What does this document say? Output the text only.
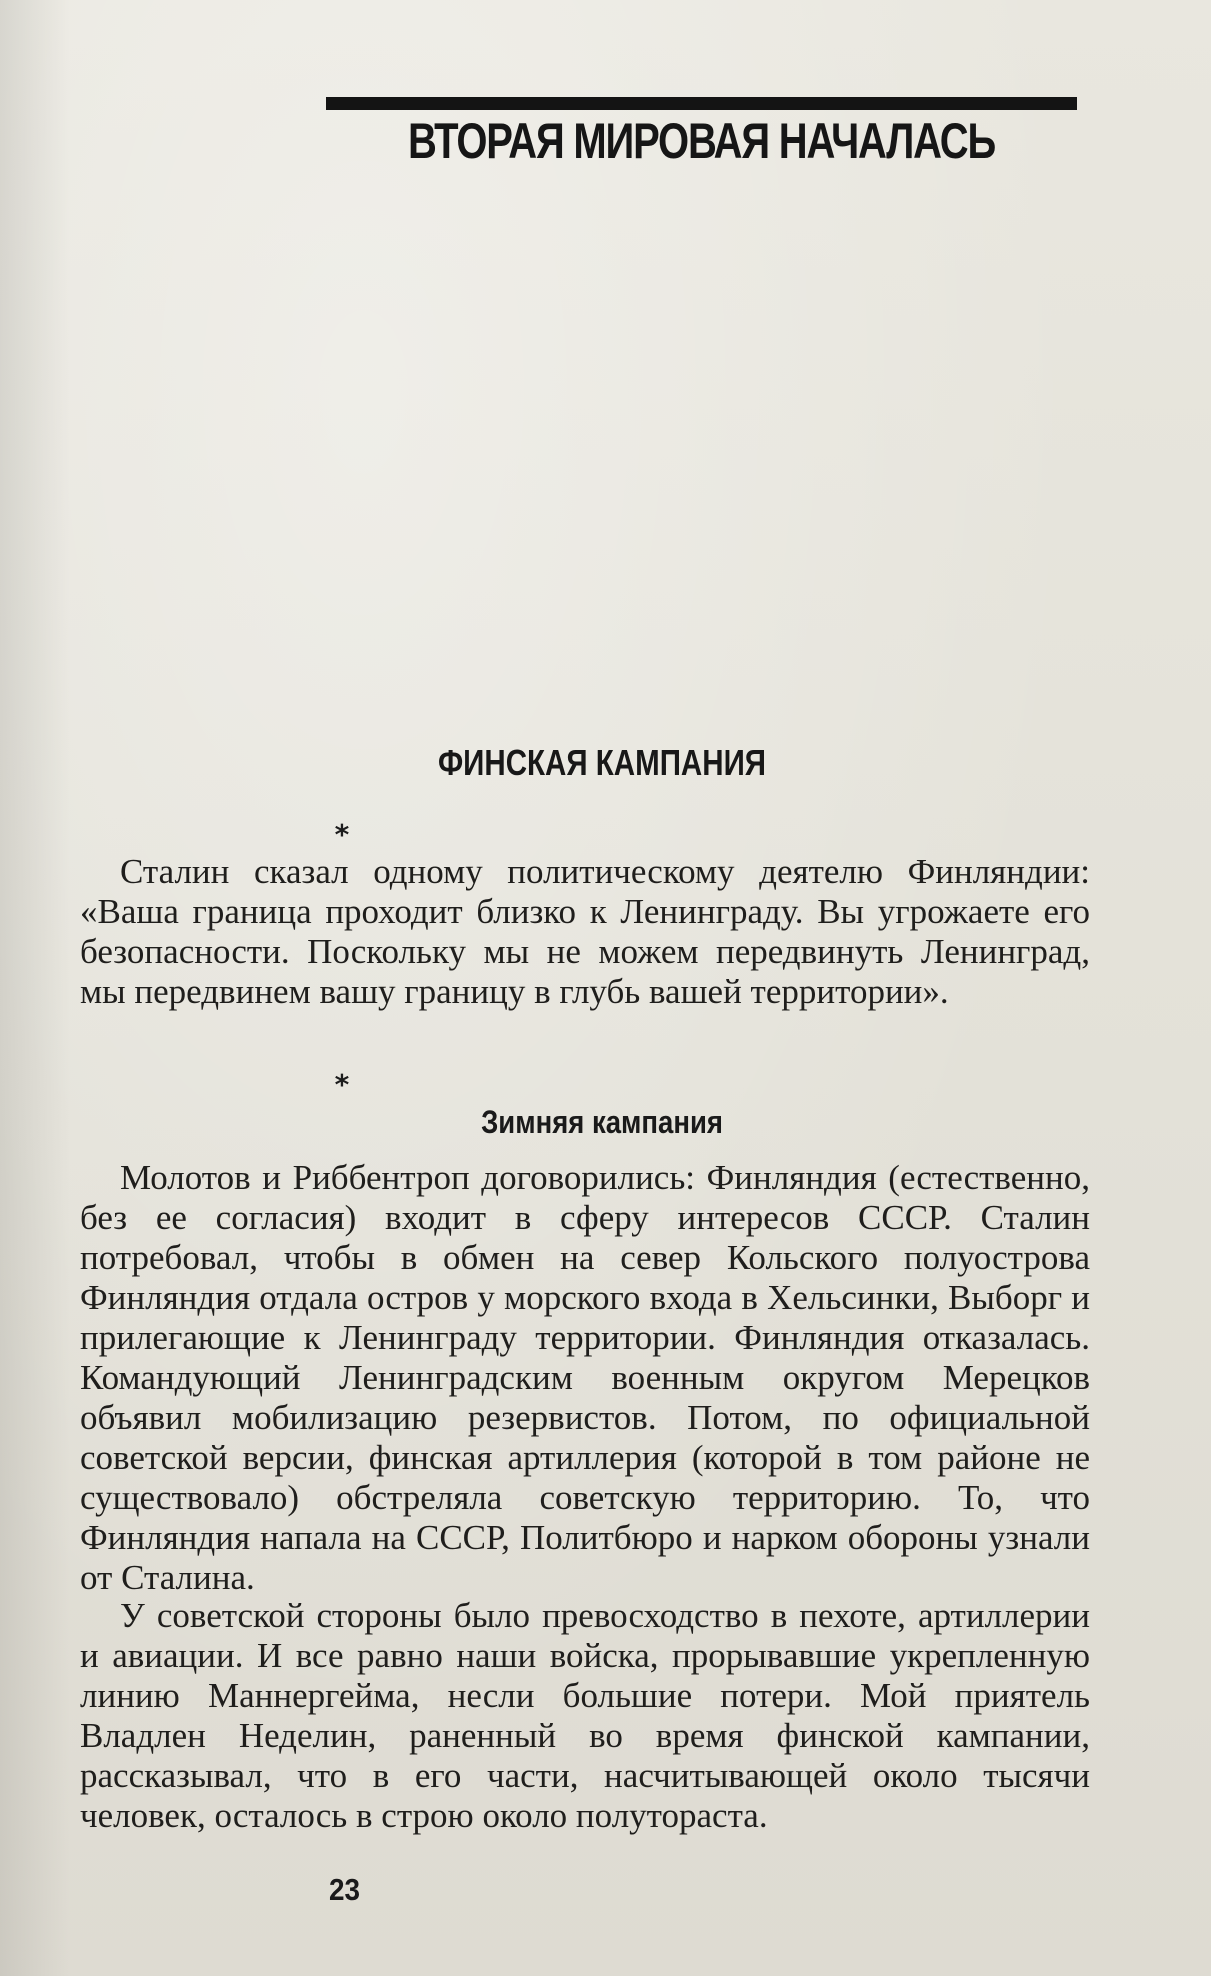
ВТОРАЯ МИРОВАЯ НАЧАЛАСЬ
ФИНСКАЯ КАМПАНИЯ
*

Сталин сказал одному политическому деятелю Финляндии: «Ваша граница проходит близко к Ленинграду. Вы угрожаете его безопасности. Поскольку мы не можем передвинуть Ленинград, мы передвинем вашу границу в глубь вашей территории».

*
Зимняя кампания

Молотов и Риббентроп договорились: Финляндия (естественно, без ее согласия) входит в сферу интересов СССР. Сталин потребовал, чтобы в обмен на север Кольского полуострова Финляндия отдала остров у морского входа в Хельсинки, Выборг и прилегающие к Ленинграду территории. Финляндия отказалась. Командующий Ленинградским военным округом Мерецков объявил мобилизацию резервистов. Потом, по официальной советской версии, финская артиллерия (которой в том районе не существовало) обстреляла советскую территорию. То, что Финляндия напала на СССР, Политбюро и нарком обороны узнали от Сталина.

У советской стороны было превосходство в пехоте, артиллерии и авиации. И все равно наши войска, прорывавшие укрепленную линию Маннергейма, несли большие потери. Мой приятель Владлен Неделин, раненный во время финской кампании, рассказывал, что в его части, насчитывающей около тысячи человек, осталось в строю около полутораста.

23
